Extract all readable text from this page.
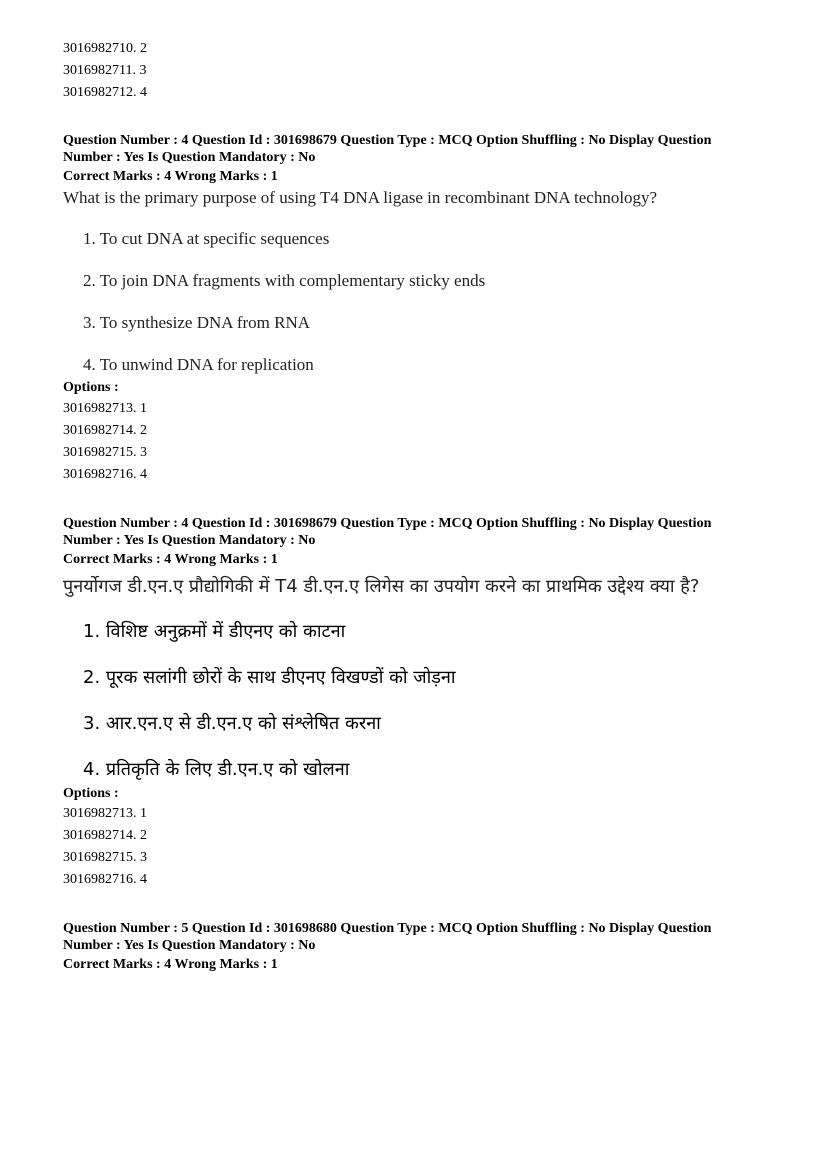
3016982710. 2
3016982711. 3
3016982712. 4
Question Number : 4 Question Id : 301698679 Question Type : MCQ Option Shuffling : No Display Question Number : Yes Is Question Mandatory : No
Correct Marks : 4 Wrong Marks : 1
What is the primary purpose of using T4 DNA ligase in recombinant DNA technology?
1. To cut DNA at specific sequences
2. To join DNA fragments with complementary sticky ends
3. To synthesize DNA from RNA
4. To unwind DNA for replication
Options :
3016982713. 1
3016982714. 2
3016982715. 3
3016982716. 4
Question Number : 4 Question Id : 301698679 Question Type : MCQ Option Shuffling : No Display Question Number : Yes Is Question Mandatory : No
Correct Marks : 4 Wrong Marks : 1
पुनर्योगज डी.एन.ए प्रौद्योगिकी में T4 डी.एन.ए लिगेस का उपयोग करने का प्राथमिक उद्देश्य क्या है?
1. विशिष्ट अनुक्रमों में डीएनए को काटना
2. पूरक सलांगी छोरों के साथ डीएनए विखण्डों को जोड़ना
3. आर.एन.ए से डी.एन.ए को संश्लेषित करना
4. प्रतिकृति के लिए डी.एन.ए को खोलना
Options :
3016982713. 1
3016982714. 2
3016982715. 3
3016982716. 4
Question Number : 5 Question Id : 301698680 Question Type : MCQ Option Shuffling : No Display Question Number : Yes Is Question Mandatory : No
Correct Marks : 4 Wrong Marks : 1
